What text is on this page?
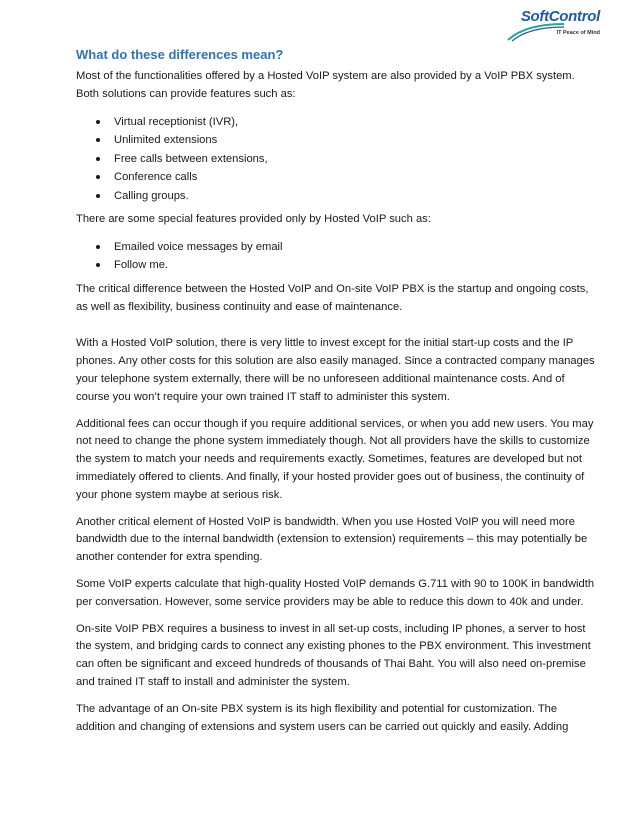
SoftControl
IT Peace of Mind
What do these differences mean?

Most of the functionalities offered by a Hosted VoIP system are also provided by a VoIP PBX system. Both solutions can provide features such as:

Virtual receptionist (IVR),
Unlimited extensions
Free calls between extensions,
Conference calls
Calling groups.

There are some special features provided only by Hosted VoIP such as:

Emailed voice messages by email
Follow me.

The critical difference between the Hosted VoIP and On-site VoIP PBX is the startup and ongoing costs, as well as flexibility, business continuity and ease of maintenance.

With a Hosted VoIP solution, there is very little to invest except for the initial start-up costs and the IP phones. Any other costs for this solution are also easily managed. Since a contracted company manages your telephone system externally, there will be no unforeseen additional maintenance costs. And of course you won’t require your own trained IT staff to administer this system.

Additional fees can occur though if you require additional services, or when you add new users. You may not need to change the phone system immediately though. Not all providers have the skills to customize the system to match your needs and requirements exactly. Sometimes, features are developed but not immediately offered to clients. And finally, if your hosted provider goes out of business, the continuity of your phone system maybe at serious risk.

Another critical element of Hosted VoIP is bandwidth. When you use Hosted VoIP you will need more bandwidth due to the internal bandwidth (extension to extension) requirements – this may potentially be another contender for extra spending.

Some VoIP experts calculate that high-quality Hosted VoIP demands G.711 with 90 to 100K in bandwidth per conversation. However, some service providers may be able to reduce this down to 40k and under.

On-site VoIP PBX requires a business to invest in all set-up costs, including IP phones, a server to host the system, and bridging cards to connect any existing phones to the PBX environment. This investment can often be significant and exceed hundreds of thousands of Thai Baht. You will also need on-premise and trained IT staff to install and administer the system.

The advantage of an On-site PBX system is its high flexibility and potential for customization. The addition and changing of extensions and system users can be carried out quickly and easily. Adding
